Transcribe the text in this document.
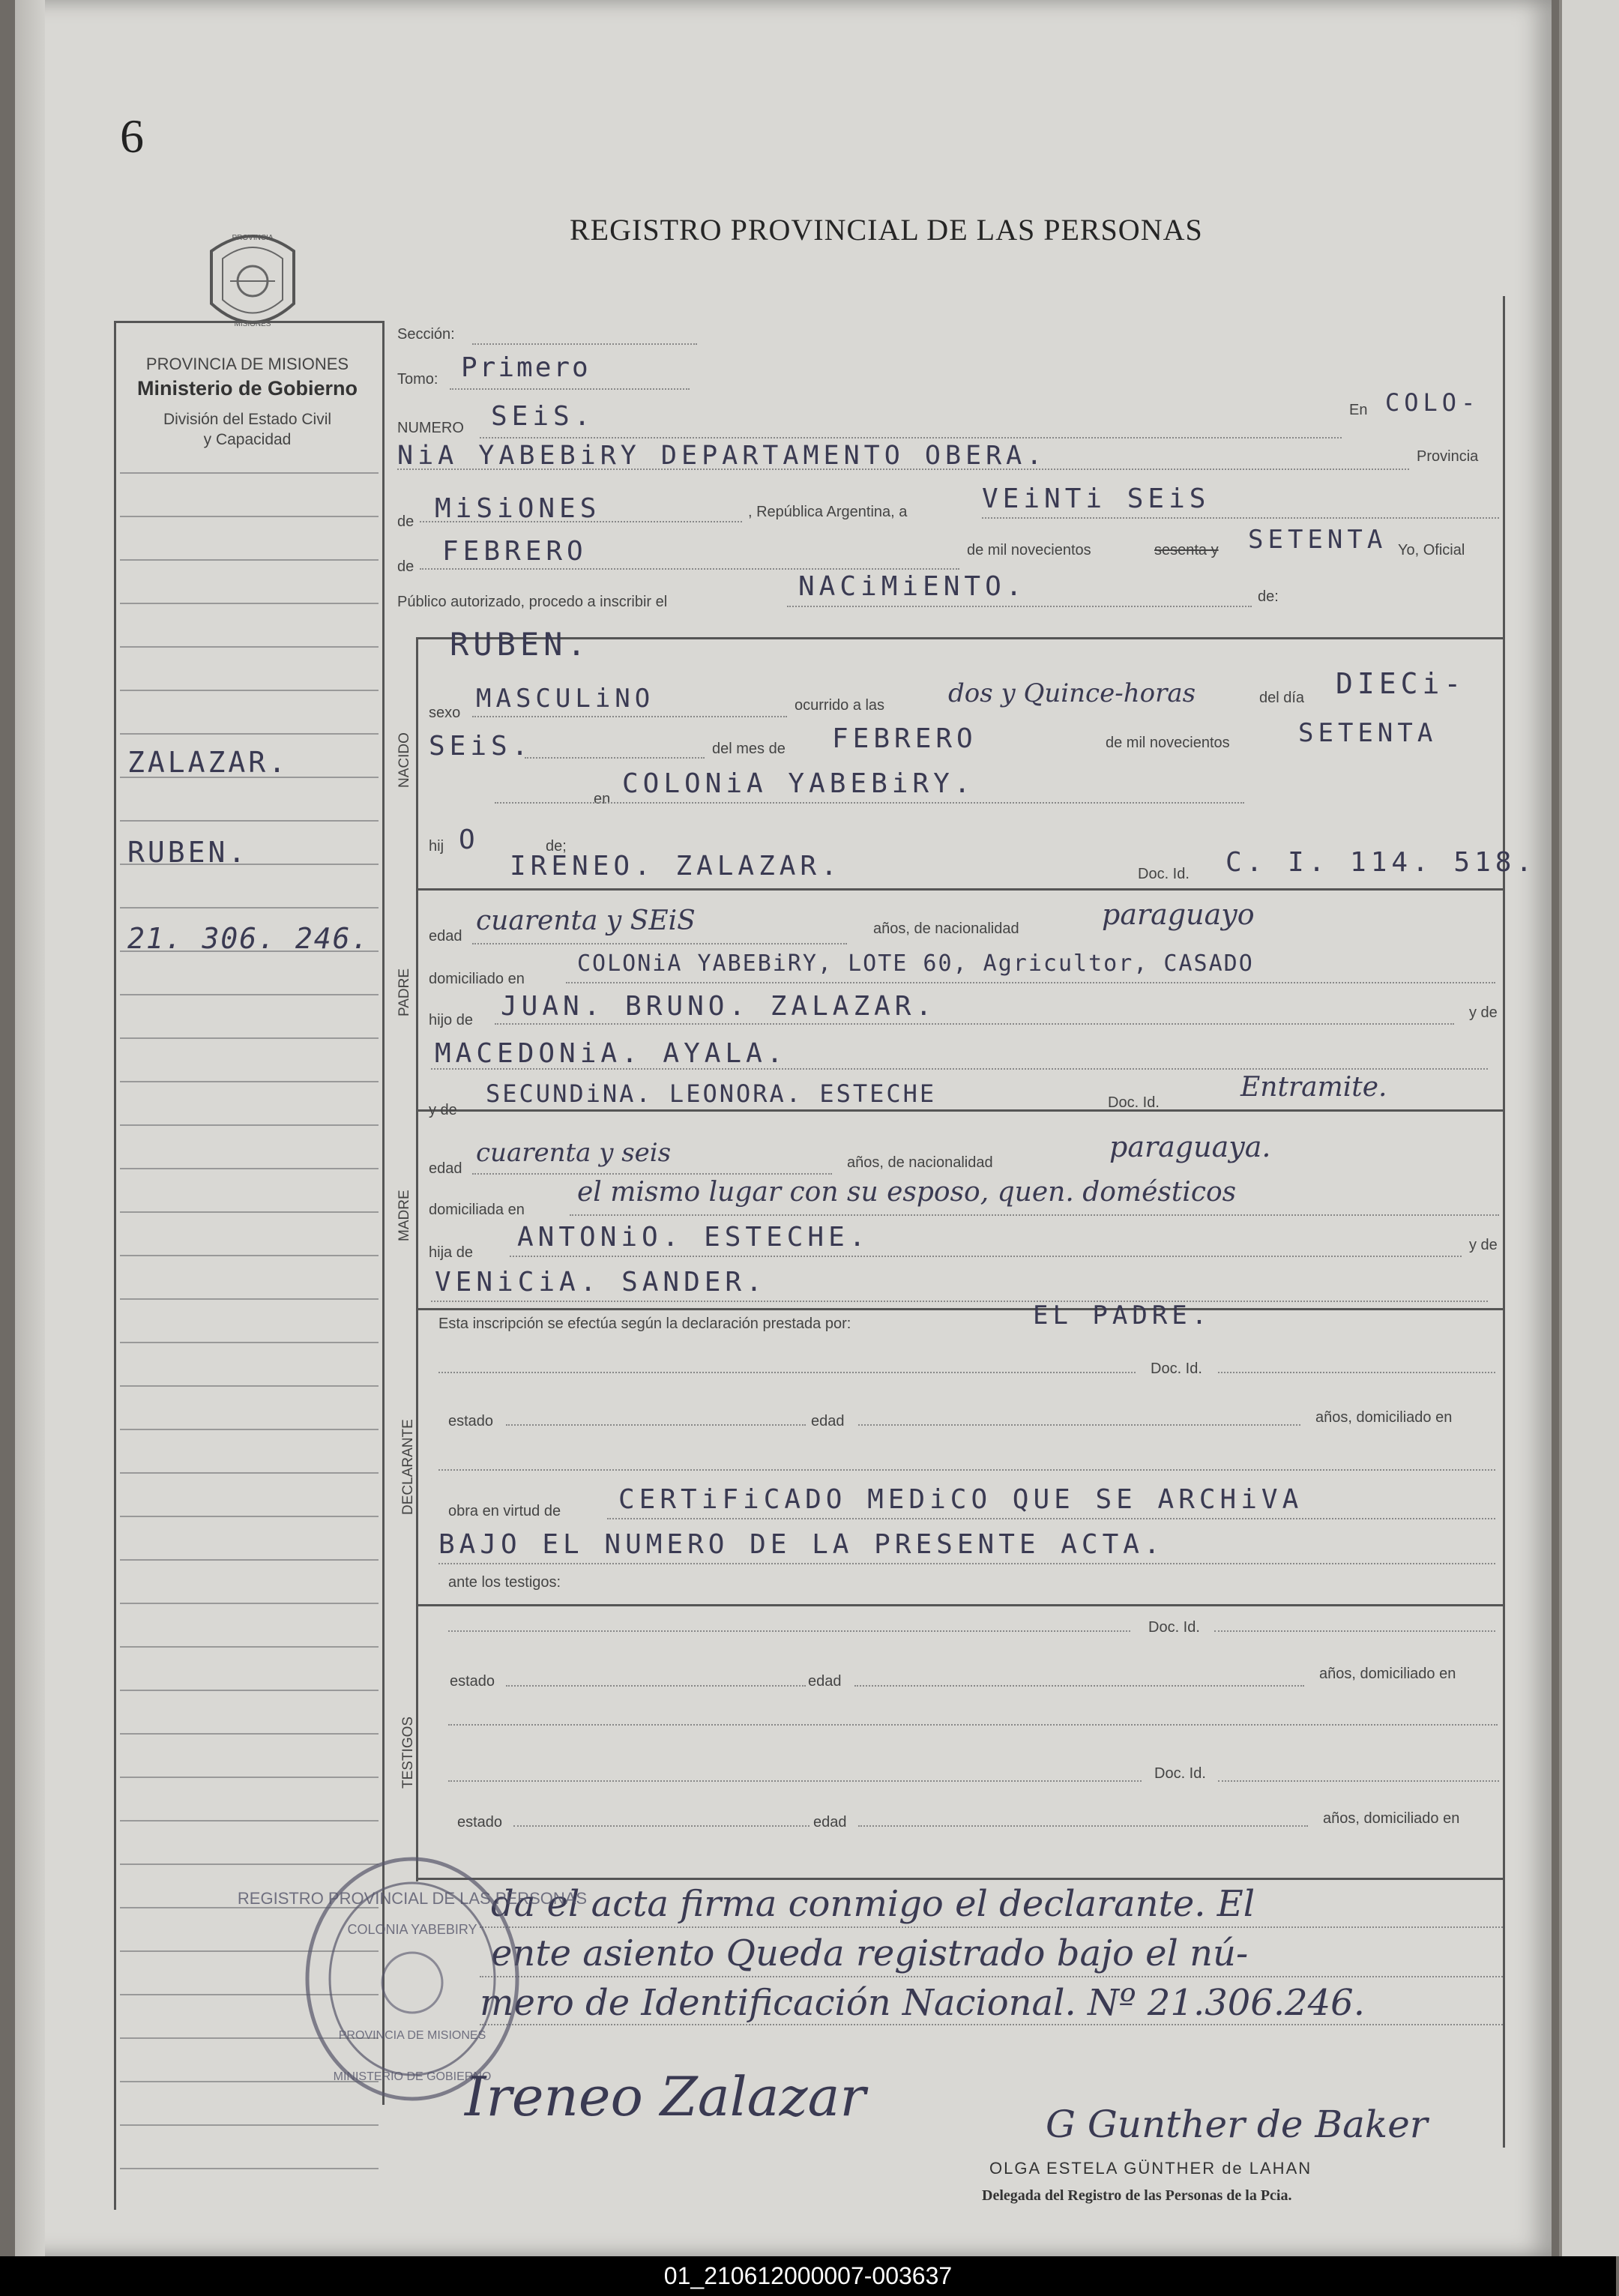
6
REGISTRO PROVINCIAL DE LAS PERSONAS
PROVINCIA
MISIONES
PROVINCIA DE MISIONES
Ministerio de Gobierno
División del Estado Civil
y Capacidad
ZALAZAR.
RUBEN.
21. 306. 246.
NACIDO
PADRE
MADRE
DECLARANTE
TESTIGOS
Sección:
Tomo: Primero
NUMERO SEiS.	En COLO-
NiA YABEBiRY DEPARTAMENTO OBERA.	Provincia
de MiSiONES	, República Argentina, a	VEiNTi SEiS
de FEBRERO	de mil novecientos	sesenta y SETENTA Yo, Oficial
Público autorizado, procedo a inscribir el	NACiMiENTO.	de:
RUBEN.
sexo MASCULiNO	ocurrido a las dos y Quince-horas	del día DIECi-
SEiS.	del mes de FEBRERO	de mil novecientos	SETENTA
en COLONiA YABEBiRY.
hij O	de;
IRENEO. ZALAZAR.	Doc. Id. C. I. 114. 518.
edad cuarenta y SEiS	años, de nacionalidad	paraguayo
domiciliado en
COLONiA YABEBiRY, LOTE 60, Agricultor, CASADO
hijo de JUAN. BRUNO. ZALAZAR.	y de
MACEDONiA. AYALA.
y de
SECUNDiNA. LEONORA. ESTECHE	Doc. Id.	Entramite.
edad
cuarenta y seis	años, de nacionalidad	paraguaya.
domiciliada en
el mismo lugar con su esposo, quen. domésticos
hija de ANTONiO. ESTECHE.	y de
VENiCiA. SANDER.
Esta inscripción se efectúa según la declaración prestada por:	EL PADRE.
Doc. Id.
estado	edad	años, domiciliado en
obra en virtud de CERTiFiCADO MEDiCO QUE SE ARCHiVA
BAJO EL NUMERO DE LA PRESENTE ACTA.
ante los testigos:
Doc. Id.
estado	edad	años, domiciliado en
Doc. Id.
estado	edad	años, domiciliado en
da el acta firma conmigo el declarante. El
ente asiento Queda registrado bajo el nú-
mero de Identificación Nacional. Nº 21.306.246.
REGISTRO PROVINCIAL DE LAS PERSONAS
COLONIA YABEBIRY
PROVINCIA DE MISIONES
MINISTERIO DE GOBIERNO
Ireneo Zalazar	G Gunther de Baker
OLGA ESTELA GÜNTHER de LAHAN
Delegada del Registro de las Personas de la Pcia.
01_210612000007-003637
